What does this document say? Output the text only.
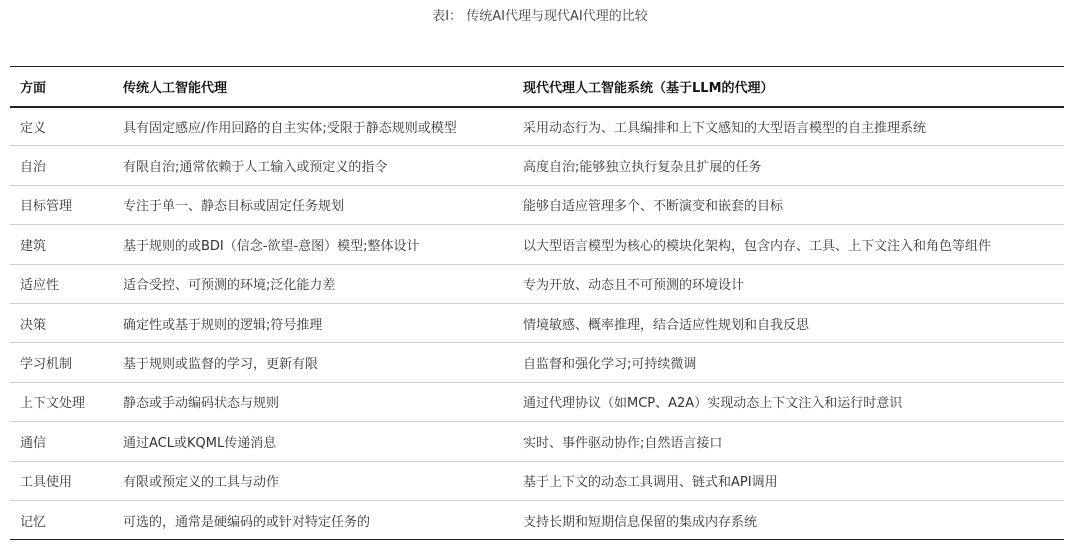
表I： 传统AI代理与现代AI代理的比较
方面	传统人工智能代理	现代代理人工智能系统（基于LLM的代理）
定义	具有固定感应/作用回路的自主实体;受限于静态规则或模型	采用动态行为、工具编排和上下文感知的大型语言模型的自主推理系统
自治	有限自治;通常依赖于人工输入或预定义的指令	高度自治;能够独立执行复杂且扩展的任务
目标管理	专注于单一、静态目标或固定任务规划	能够自适应管理多个、不断演变和嵌套的目标
建筑	基于规则的或BDI（信念-欲望-意图）模型;整体设计	以大型语言模型为核心的模块化架构，包含内存、工具、上下文注入和角色等组件
适应性	适合受控、可预测的环境;泛化能力差	专为开放、动态且不可预测的环境设计
决策	确定性或基于规则的逻辑;符号推理	情境敏感、概率推理，结合适应性规划和自我反思
学习机制	基于规则或监督的学习，更新有限	自监督和强化学习;可持续微调
上下文处理	静态或手动编码状态与规则	通过代理协议（如MCP、A2A）实现动态上下文注入和运行时意识
通信	通过ACL或KQML传递消息	实时、事件驱动协作;自然语言接口
工具使用	有限或预定义的工具与动作	基于上下文的动态工具调用、链式和API调用
记忆	可选的，通常是硬编码的或针对特定任务的	支持长期和短期信息保留的集成内存系统
